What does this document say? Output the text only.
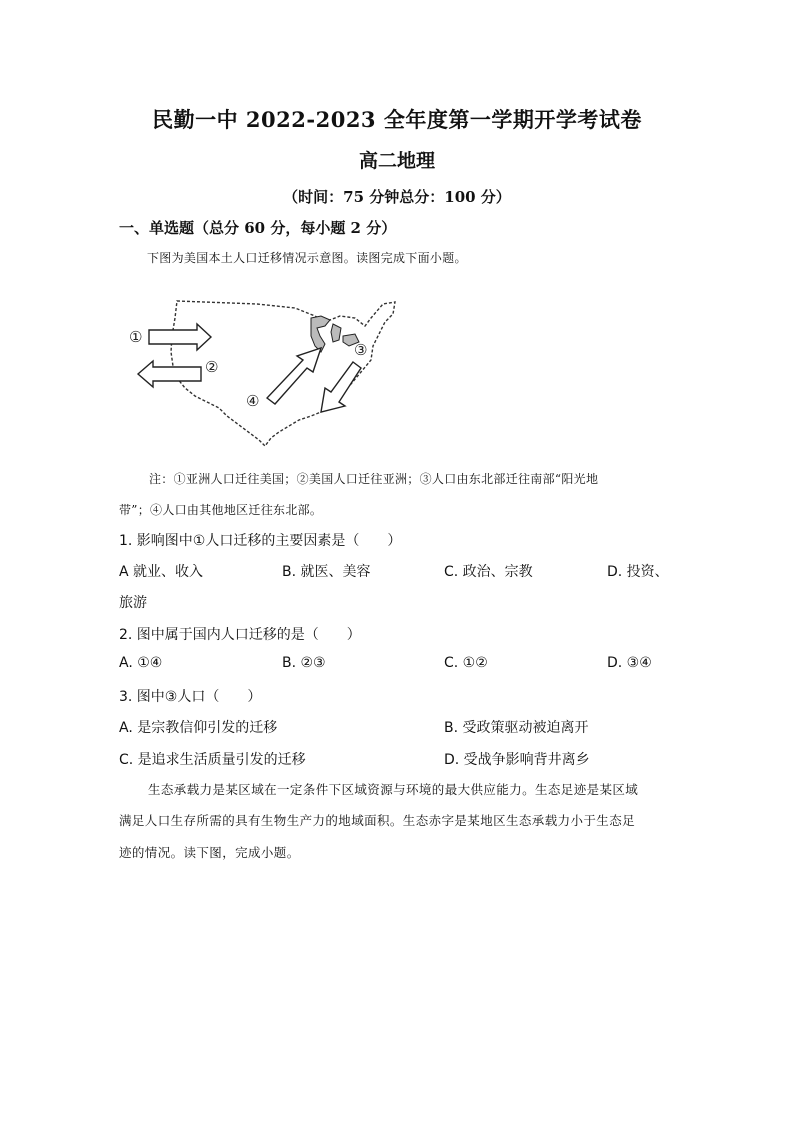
民勤一中 2022-2023 全年度第一学期开学考试卷
高二地理
（时间：75 分钟总分：100 分）
一、单选题（总分 60 分，每小题 2 分）
下图为美国本土人口迁移情况示意图。读图完成下面小题。
①
②
③
④
注：①亚洲人口迁往美国；②美国人口迁往亚洲；③人口由东北部迁往南部“阳光地
带”；④人口由其他地区迁往东北部。
1. 影响图中①人口迁移的主要因素是（　　）
A 就业、收入	B. 就医、美容	C. 政治、宗教	D. 投资、
旅游
2. 图中属于国内人口迁移的是（　　）
A. ①④	B. ②③	C. ①②	D. ③④
3. 图中③人口（　　）
A. 是宗教信仰引发的迁移	B. 受政策驱动被迫离开
C. 是追求生活质量引发的迁移	D. 受战争影响背井离乡
生态承载力是某区域在一定条件下区域资源与环境的最大供应能力。生态足迹是某区域
满足人口生存所需的具有生物生产力的地域面积。生态赤字是某地区生态承载力小于生态足
迹的情况。读下图，完成小题。
